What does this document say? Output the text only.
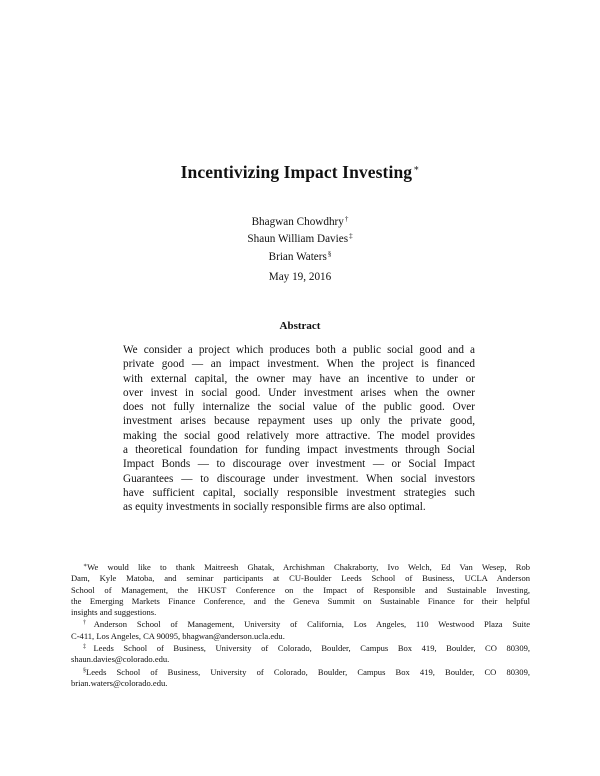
Incentivizing Impact Investing∗
Bhagwan Chowdhry†
Shaun William Davies‡
Brian Waters§
May 19, 2016
Abstract
We consider a project which produces both a public social good and a
private good — an impact investment. When the project is financed
with external capital, the owner may have an incentive to under or
over invest in social good. Under investment arises when the owner
does not fully internalize the social value of the public good. Over
investment arises because repayment uses up only the private good,
making the social good relatively more attractive. The model provides
a theoretical foundation for funding impact investments through Social
Impact Bonds — to discourage over investment — or Social Impact
Guarantees — to discourage under investment. When social investors
have sufficient capital, socially responsible investment strategies such
as equity investments in socially responsible firms are also optimal.
∗We would like to thank Maitreesh Ghatak, Archishman Chakraborty, Ivo Welch, Ed Van Wesep, Rob
Dam, Kyle Matoba, and seminar participants at CU-Boulder Leeds School of Business, UCLA Anderson
School of Management, the HKUST Conference on the Impact of Responsible and Sustainable Investing,
the Emerging Markets Finance Conference, and the Geneva Summit on Sustainable Finance for their helpful
insights and suggestions.
†Anderson School of Management, University of California, Los Angeles, 110 Westwood Plaza Suite
C-411, Los Angeles, CA 90095, bhagwan@anderson.ucla.edu.
‡Leeds School of Business, University of Colorado, Boulder, Campus Box 419, Boulder, CO 80309,
shaun.davies@colorado.edu.
§Leeds School of Business, University of Colorado, Boulder, Campus Box 419, Boulder, CO 80309,
brian.waters@colorado.edu.
